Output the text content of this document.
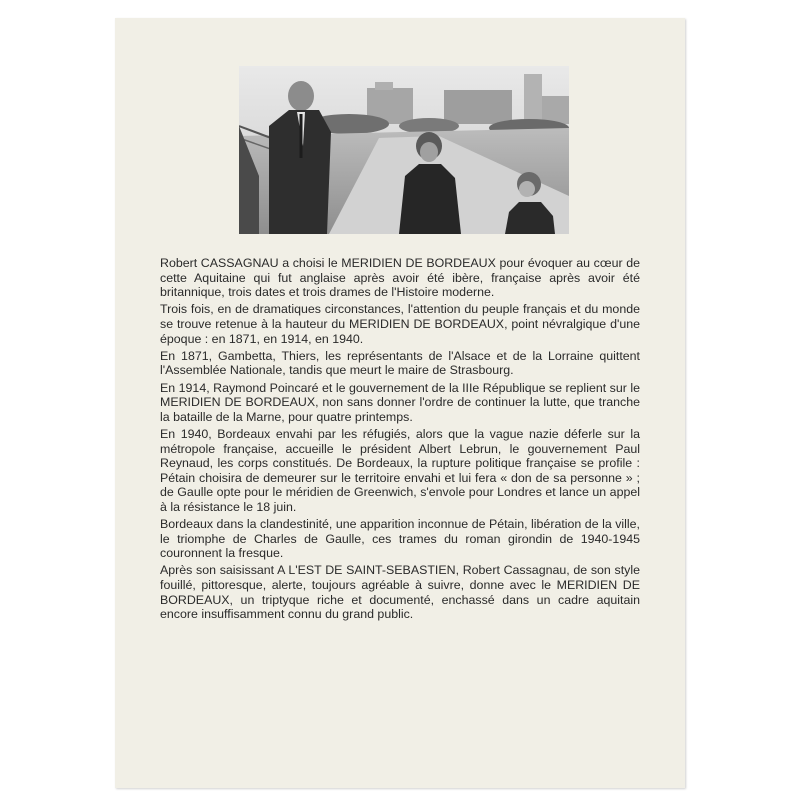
Robert CASSAGNAU a choisi le MERIDIEN DE BORDEAUX pour évoquer au cœur de cette Aquitaine qui fut anglaise après avoir été ibère, française après avoir été britannique, trois dates et trois drames de l'Histoire moderne.

Trois fois, en de dramatiques circonstances, l'attention du peuple français et du monde se trouve retenue à la hauteur du MERIDIEN DE BORDEAUX, point névralgique d'une époque : en 1871, en 1914, en 1940.

En 1871, Gambetta, Thiers, les représentants de l'Alsace et de la Lorraine quittent l'Assemblée Nationale, tandis que meurt le maire de Strasbourg.

En 1914, Raymond Poincaré et le gouvernement de la IIIe République se replient sur le MERIDIEN DE BORDEAUX, non sans donner l'ordre de continuer la lutte, que tranche la bataille de la Marne, pour quatre printemps.

En 1940, Bordeaux envahi par les réfugiés, alors que la vague nazie déferle sur la métropole française, accueille le président Albert Lebrun, le gouvernement Paul Reynaud, les corps constitués. De Bordeaux, la rupture politique française se profile : Pétain choisira de demeurer sur le territoire envahi et lui fera « don de sa personne » ; de Gaulle opte pour le méridien de Greenwich, s'envole pour Londres et lance un appel à la résistance le 18 juin.

Bordeaux dans la clandestinité, une apparition inconnue de Pétain, libération de la ville, le triomphe de Charles de Gaulle, ces trames du roman girondin de 1940-1945 couronnent la fresque.

Après son saisissant A L'EST DE SAINT-SEBASTIEN, Robert Cassagnau, de son style fouillé, pittoresque, alerte, toujours agréable à suivre, donne avec le MERIDIEN DE BORDEAUX, un triptyque riche et documenté, enchassé dans un cadre aquitain encore insuffisamment connu du grand public.
